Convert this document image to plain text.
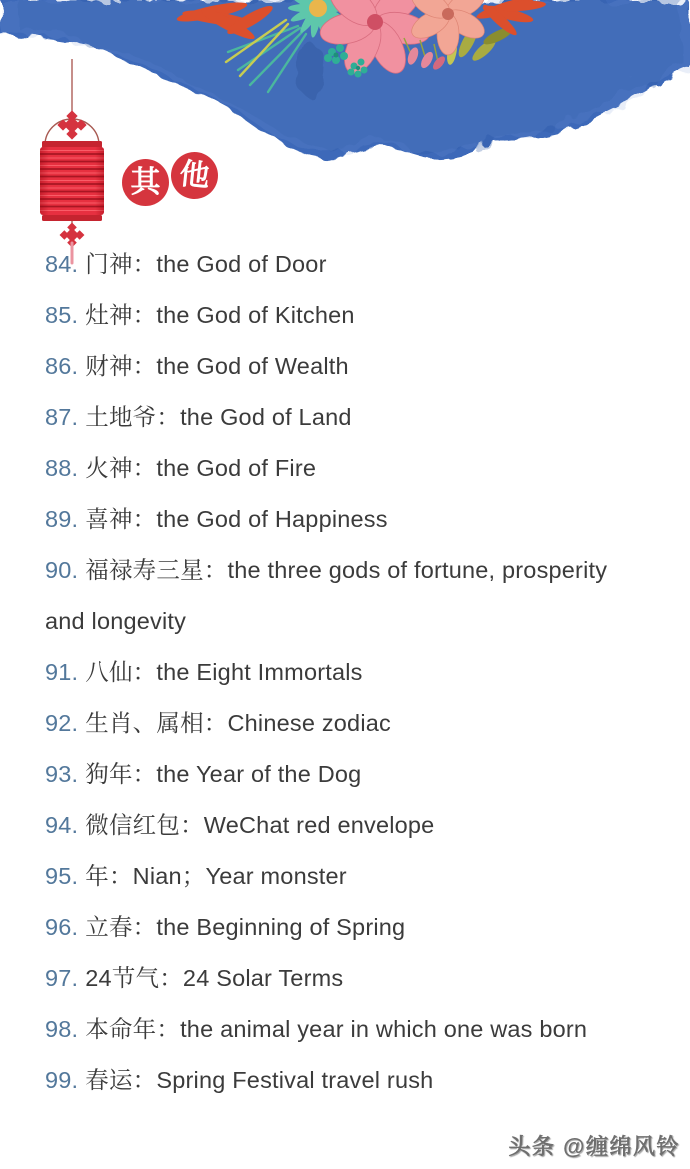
其 他

84. 门神：the God of Door

85. 灶神：the God of Kitchen

86. 财神：the God of Wealth

87. 土地爷：the God of Land

88. 火神：the God of Fire

89. 喜神：the God of Happiness

90. 福禄寿三星：the three gods of fortune, prosperity and longevity

91. 八仙：the Eight Immortals

92. 生肖、属相：Chinese zodiac

93. 狗年：the Year of the Dog

94. 微信红包：WeChat red envelope

95. 年：Nian；Year monster

96. 立春：the Beginning of Spring

97. 24节气：24 Solar Terms

98. 本命年：the animal year in which one was born

99. 春运：Spring Festival travel rush

头条 @缠绵风铃
